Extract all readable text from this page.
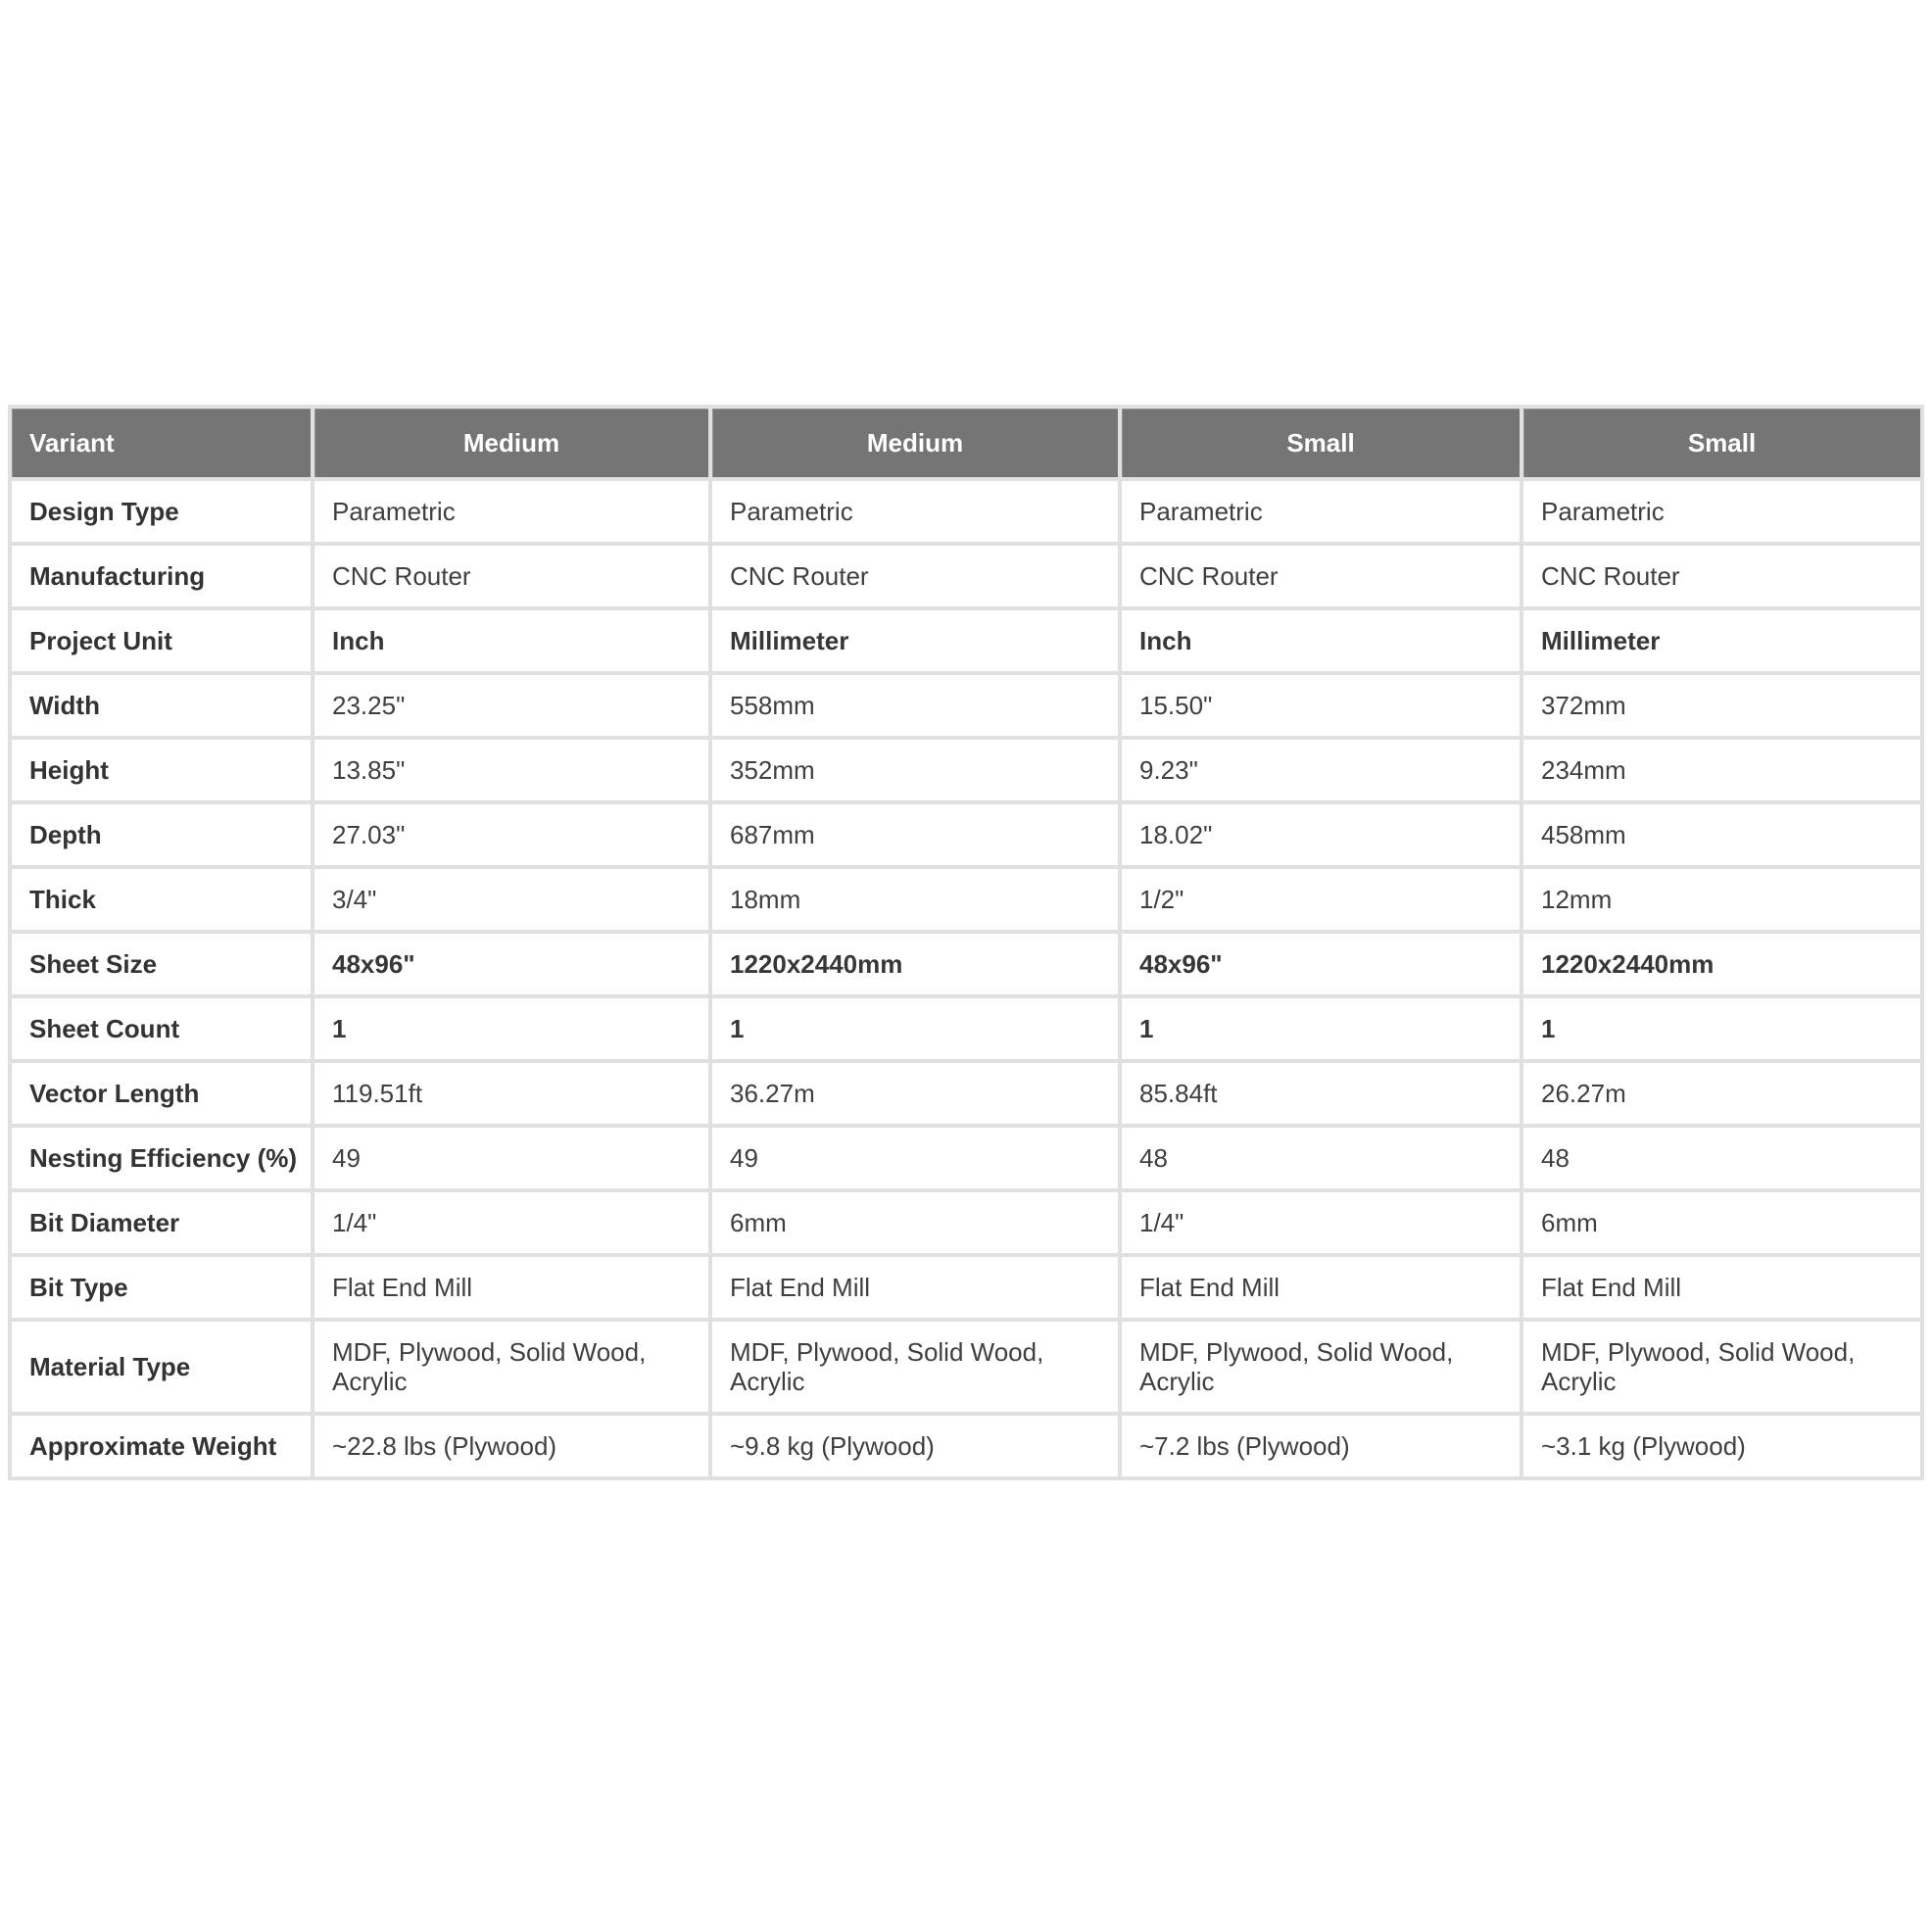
Variant	Medium	Medium	Small	Small
Design Type	Parametric	Parametric	Parametric	Parametric
Manufacturing	CNC Router	CNC Router	CNC Router	CNC Router
Project Unit	Inch	Millimeter	Inch	Millimeter
Width	23.25"	558mm	15.50"	372mm
Height	13.85"	352mm	9.23"	234mm
Depth	27.03"	687mm	18.02"	458mm
Thick	3/4"	18mm	1/2"	12mm
Sheet Size	48x96"	1220x2440mm	48x96"	1220x2440mm
Sheet Count	1	1	1	1
Vector Length	119.51ft	36.27m	85.84ft	26.27m
Nesting Efficiency (%)	49	49	48	48
Bit Diameter	1/4"	6mm	1/4"	6mm
Bit Type	Flat End Mill	Flat End Mill	Flat End Mill	Flat End Mill
Material Type	MDF, Plywood, Solid Wood, Acrylic	MDF, Plywood, Solid Wood, Acrylic	MDF, Plywood, Solid Wood, Acrylic	MDF, Plywood, Solid Wood, Acrylic
Approximate Weight	~22.8 lbs (Plywood)	~9.8 kg (Plywood)	~7.2 lbs (Plywood)	~3.1 kg (Plywood)
